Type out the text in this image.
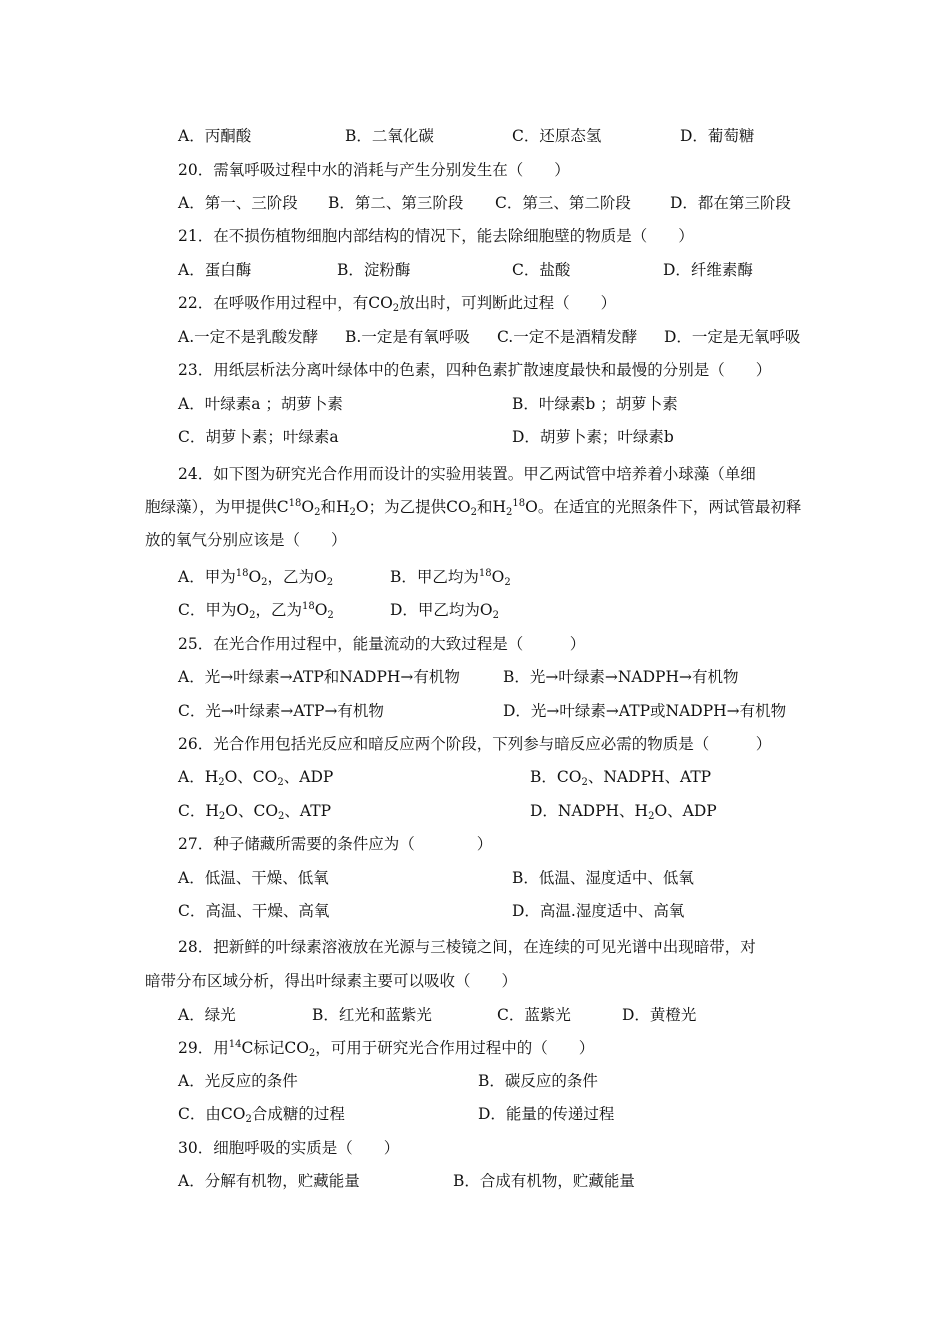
A．丙酮酸	B．二氧化碳	C．还原态氢	D．葡萄糖
20．需氧呼吸过程中水的消耗与产生分别发生在（　　）
A．第一、三阶段 B．第二、第三阶段 C．第三、第二阶段	D．都在第三阶段
21．在不损伤植物细胞内部结构的情况下，能去除细胞壁的物质是（　　）
A．蛋白酶	B．淀粉酶	C．盐酸	D．纤维素酶
22．在呼吸作用过程中，有$CO_2$放出时，可判断此过程（　　）
A.一定不是乳酸发酵 B.一定是有氧呼吸 C.一定不是酒精发酵 D．一定是无氧呼吸
23．用纸层析法分离叶绿体中的色素，四种色素扩散速度最快和最慢的分别是（　　）
A．叶绿素a ；胡萝卜素	B．叶绿素b ；胡萝卜素
C．胡萝卜素；叶绿素a	D．胡萝卜素；叶绿素b
24．如下图为研究光合作用而设计的实验用装置。甲乙两试管中培养着小球藻（单细
胞绿藻），为甲提供$C^{18}O_2$和$H_2O$；为乙提供$CO_2$和$H_2^{18}O$。在适宜的光照条件下，两试管最初释
放的氧气分别应该是（　　）
A．甲为$^{18}O_2$，乙为$O_2$	B．甲乙均为$^{18}O_2$
C．甲为$O_2$，乙为$^{18}O_2$	D．甲乙均为$O_2$
25．在光合作用过程中，能量流动的大致过程是（　　　）
A．光→叶绿素→ATP和NADPH→有机物	B．光→叶绿素→NADPH→有机物
C．光→叶绿素→ATP→有机物	D．光→叶绿素→ATP或NADPH→有机物
26．光合作用包括光反应和暗反应两个阶段，下列参与暗反应必需的物质是（　　　）
A．$H_2O$、$CO_2$、ADP	B．$CO_2$、NADPH、ATP
C．$H_2O$、$CO_2$、ATP	D．NADPH、$H_2O$、ADP
27．种子储藏所需要的条件应为（　　　　）
A．低温、干燥、低氧	B．低温、湿度适中、低氧
C．高温、干燥、高氧	D．高温.湿度适中、高氧
28．把新鲜的叶绿素溶液放在光源与三棱镜之间，在连续的可见光谱中出现暗带，对
暗带分布区域分析，得出叶绿素主要可以吸收（　　）
A．绿光	B．红光和蓝紫光	C．蓝紫光	D．黄橙光
29．用$^{14}$C标记$CO_2$，可用于研究光合作用过程中的（　　）
A．光反应的条件	B．碳反应的条件
C．由$CO_2$合成糖的过程	D．能量的传递过程
30．细胞呼吸的实质是（　　）
A．分解有机物，贮藏能量	B．合成有机物，贮藏能量
